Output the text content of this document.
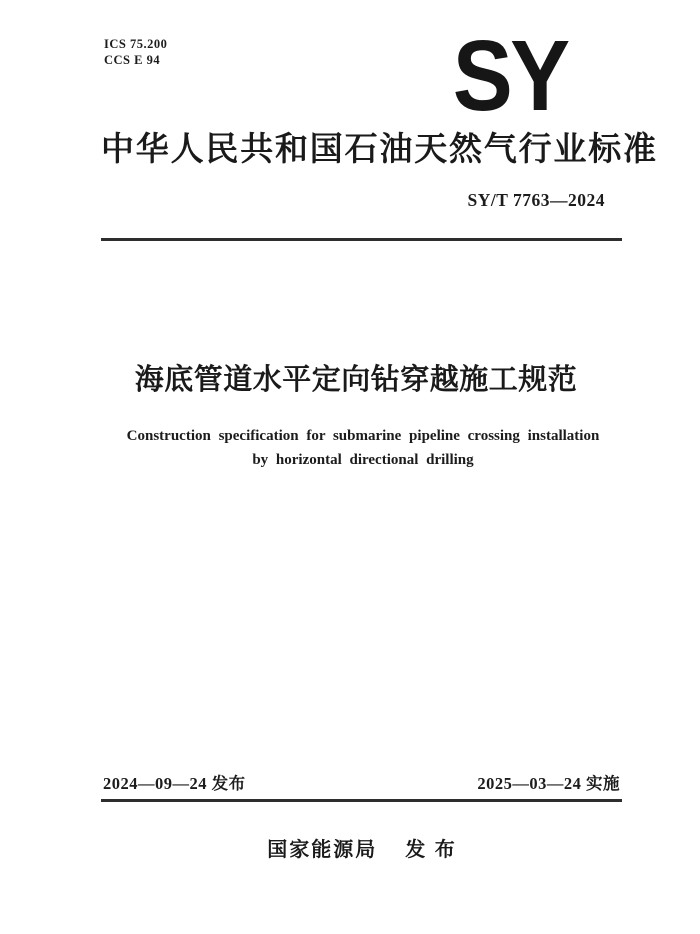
ICS 75.200
CCS E 94	SY
中华人民共和国石油天然气行业标准
SY/T 7763—2024
海底管道水平定向钻穿越施工规范
Construction specification for submarine pipeline crossing installation
by horizontal directional drilling
2024—09—24 发布	2025—03—24 实施
国家能源局 发 布
